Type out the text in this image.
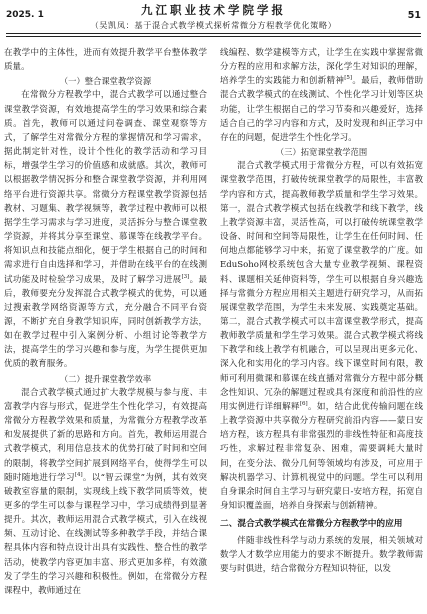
九江职业技术学院学报
2025. 1	51
（吴凯凤：基于混合式教学模式探析常微分方程教学优化策略）

在教学中的主体性，进而有效提升教学平台整体教学质量。

（一）整合课堂教学资源

在常微分方程教学中，混合式教学可以通过整合课堂教学资源，有效地提高学生的学习效果和综合素质。首先，教师可以通过问卷调查、课堂观察等方式，了解学生对常微分方程的掌握情况和学习需求，据此制定针对性，设计个性化的教学活动和学习目标，增强学生学习的价值感和成就感。其次，教师可以根据教学情况拆分和整合课堂教学资源，并利用网络平台进行资源共享。常微分方程课堂教学资源包括教材、习题集、教学视频等，教学过程中教师可以根据学生学习需求与学习进度，灵活拆分与整合课堂教学资源，并将其分享至课堂、慕课等在线教学平台。将知识点和技能点细化，便于学生根据自己的时间和需求进行自由选择和学习，并借助在线平台的在线测试功能及时检验学习成果，及时了解学习进展[3]。最后，教师要充分发挥混合式教学模式的优势，可以通过搜索教学网络资源等方式，充分融合不同平台资源，不断扩充自身教学知识库，同时创新教学方法，如在教学过程中引入案例分析、小组讨论等教学方法，提高学生的学习兴趣和参与度，为学生提供更加优质的教育服务。

（二）提升课堂教学效率

混合式教学模式通过扩大教学规模与参与度、丰富教学内容与形式，促进学生个性化学习，有效提高常微分方程教学效果和质量，为常微分方程教学改革和发展提供了新的思路和方向。首先，教师运用混合式教学模式，利用信息技术的优势打破了时间和空间的限制，将教学空间扩展到网络平台，使得学生可以随时随地进行学习[4]。以“智云课堂”为例，其有效突破教室容量的限制，实现线上线下教学同质等效，使更多的学生可以参与课程学习中，学习成绩得到显著提升。其次，教师运用混合式教学模式，引入在线视频、互动讨论、在线测试等多种教学手段，并结合课程具体内容和特点设计出具有实践性、整合性的教学活动，使教学内容更加丰富、形式更加多样，有效激发了学生的学习兴趣和积极性。例如，在常微分方程课程中，教师通过在

线编程、数学建模等方式，让学生在实践中掌握常微分方程的应用和求解方法，深化学生对知识的理解，培养学生的实践能力和创新精神[5]。最后，教师借助混合式教学模式的在线测试、个性化学习计划等区块功能，让学生根据自己的学习节奏和兴趣爱好，选择适合自己的学习内容和方式，及时发现和纠正学习中存在的问题，促进学生个性化学习。

（三）拓宽课堂教学范围

混合式教学模式用于常微分方程，可以有效拓宽课堂教学范围，打破传统课堂教学的局限性，丰富教学内容和方式，提高教师教学质量和学生学习效果。第一，混合式教学模式包括在线教学和线下教学，线上教学资源丰富，灵活性高，可以打破传统课堂教学设备、时间和空间等局限性，让学生在任何时间、任何地点都能够学习中来，拓宽了课堂教学的广度。如EduSoho网校系统包含大量专业教学视频、课程资料、课题相关延伸资料等，学生可以根据自身兴趣选择与常微分方程应用相关主题进行研究学习，从而拓展课堂教学范围，为学生未来发展、实践奠定基础。第二，混合式教学模式可以丰富课堂教学形式，提高教师教学质量和学生学习效果。混合式教学模式将线下教学和线上教学有机融合，可以呈现出更多元化、深入化和实用化的学习内容。线下课堂时间有限，教师可利用微课和慕课在线直播对常微分方程中部分概念性知识、冗杂的解题过程或具有深度和前沿性的应用实例进行详细解释[6]。如，结合此优传输问题在线上教学资源中共享微分方程研究前沿内容——蒙日安培方程，该方程具有非常强烈的非线性特征和高度技巧性，求解过程非常复杂、困难，需要调耗大量时间，在变分法、微分几何等领域均有涉及，可应用于解决机器学习、计算机视觉中的问题。学生可以利用自身课余时间自主学习与研究蒙日-安培方程，拓宽自身知识覆盖面，培养自身探索与创新精神。

二、混合式教学模式在常微分方程教学中的应用

伴随非线性科学与动力系统的发展，相关领域对数学人才数学应用能力的要求不断提升。数学教师需要与时俱进，结合常微分方程知识特征，以发
